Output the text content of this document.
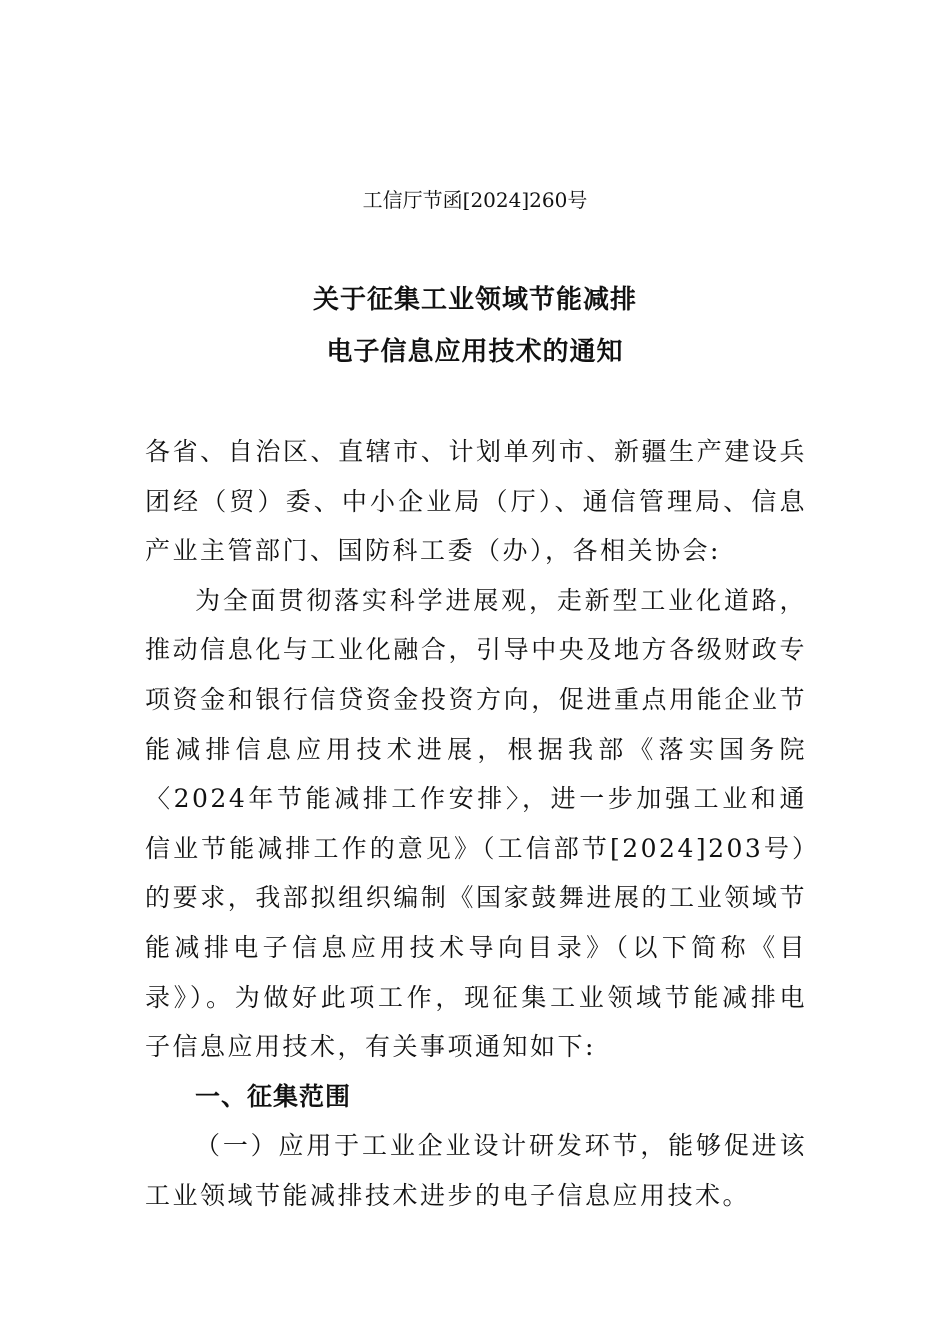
工信厅节函[2024]260号
关于征集工业领域节能减排
电子信息应用技术的通知

各省、自治区、直辖市、计划单列市、新疆生产建设兵团经（贸）委、中小企业局（厅）、通信管理局、信息产业主管部门、国防科工委（办），各相关协会:

为全面贯彻落实科学进展观，走新型工业化道路，推动信息化与工业化融合，引导中央及地方各级财政专项资金和银行信贷资金投资方向，促进重点用能企业节能减排信息应用技术进展，根据我部《落实国务院〈2024年节能减排工作安排〉，进一步加强工业和通信业节能减排工作的意见》（工信部节[2024]203号）的要求，我部拟组织编制《国家鼓舞进展的工业领域节能减排电子信息应用技术导向目录》（以下简称《目录》）。为做好此项工作，现征集工业领域节能减排电子信息应用技术，有关事项通知如下:

一、征集范围

（一）应用于工业企业设计研发环节，能够促进该工业领域节能减排技术进步的电子信息应用技术。
